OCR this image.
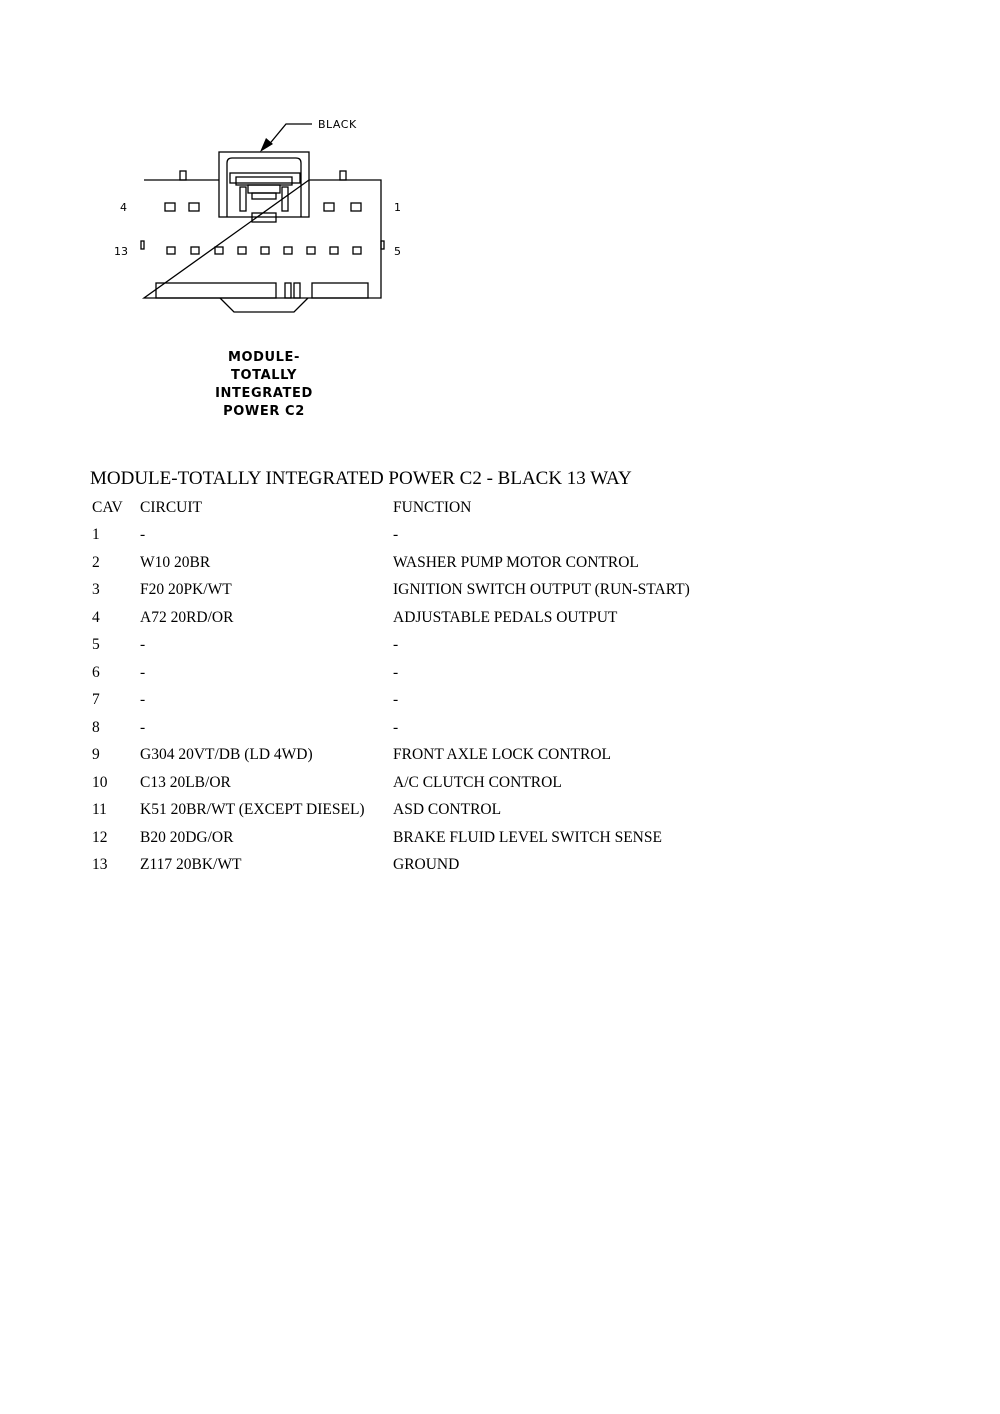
BLACK
4	1
13	5
MODULE-
TOTALLY
INTEGRATED
POWER C2
MODULE-TOTALLY INTEGRATED POWER C2 - BLACK 13 WAY
CAV	CIRCUIT	FUNCTION
1	-	-
2	W10 20BR	WASHER PUMP MOTOR CONTROL
3	F20 20PK/WT	IGNITION SWITCH OUTPUT (RUN-START)
4	A72 20RD/OR	ADJUSTABLE PEDALS OUTPUT
5	-	-
6	-	-
7	-	-
8	-	-
9	G304 20VT/DB (LD 4WD)	FRONT AXLE LOCK CONTROL
10	C13 20LB/OR	A/C CLUTCH CONTROL
11	K51 20BR/WT (EXCEPT DIESEL)	ASD CONTROL
12	B20 20DG/OR	BRAKE FLUID LEVEL SWITCH SENSE
13	Z117 20BK/WT	GROUND
